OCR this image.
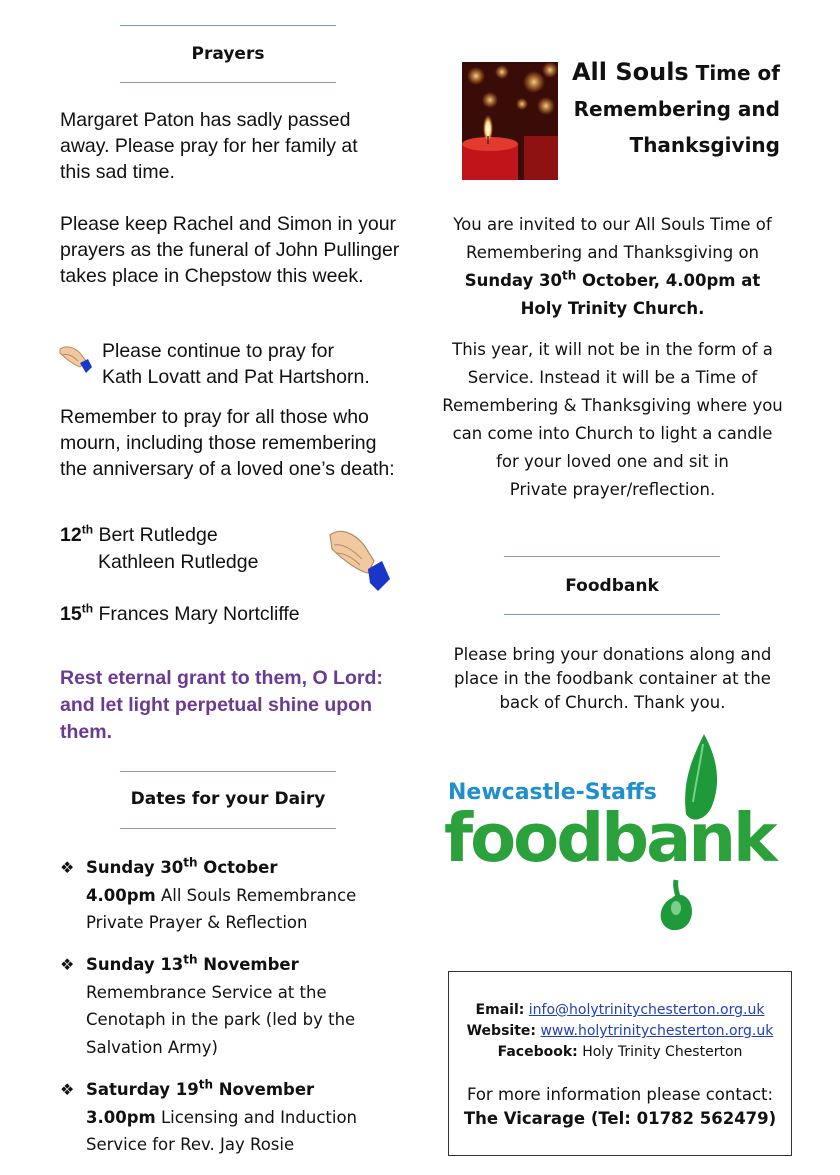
Prayers
Margaret Paton has sadly passed away. Please pray for her family at this sad time.
Please keep Rachel and Simon in your prayers as the funeral of John Pullinger takes place in Chepstow this week.
Please continue to pray for
Kath Lovatt and Pat Hartshorn.
Remember to pray for all those who mourn, including those remembering the anniversary of a loved one’s death:
12th Bert Rutledge
Kathleen Rutledge
15th Frances Mary Nortcliffe
Rest eternal grant to them, O Lord: and let light perpetual shine upon them.
Dates for your Dairy
❖ Sunday 30th October
4.00pm All Souls Remembrance
Private Prayer & Reflection
❖ Sunday 13th November
Remembrance Service at the
Cenotaph in the park (led by the
Salvation Army)
❖ Saturday 19th November
3.00pm Licensing and Induction
Service for Rev. Jay Rosie
All Souls Time of
Remembering and
Thanksgiving
You are invited to our All Souls Time of
Remembering and Thanksgiving on
Sunday 30th October, 4.00pm at
Holy Trinity Church.
This year, it will not be in the form of a
Service. Instead it will be a Time of
Remembering & Thanksgiving where you
can come into Church to light a candle
for your loved one and sit in
Private prayer/reflection.
Foodbank
Please bring your donations along and
place in the foodbank container at the
back of Church. Thank you.
Newcastle-Staffs
foodbank
Email: info@holytrinitychesterton.org.uk
Website: www.holytrinitychesterton.org.uk
Facebook: Holy Trinity Chesterton
For more information please contact:
The Vicarage (Tel: 01782 562479)
